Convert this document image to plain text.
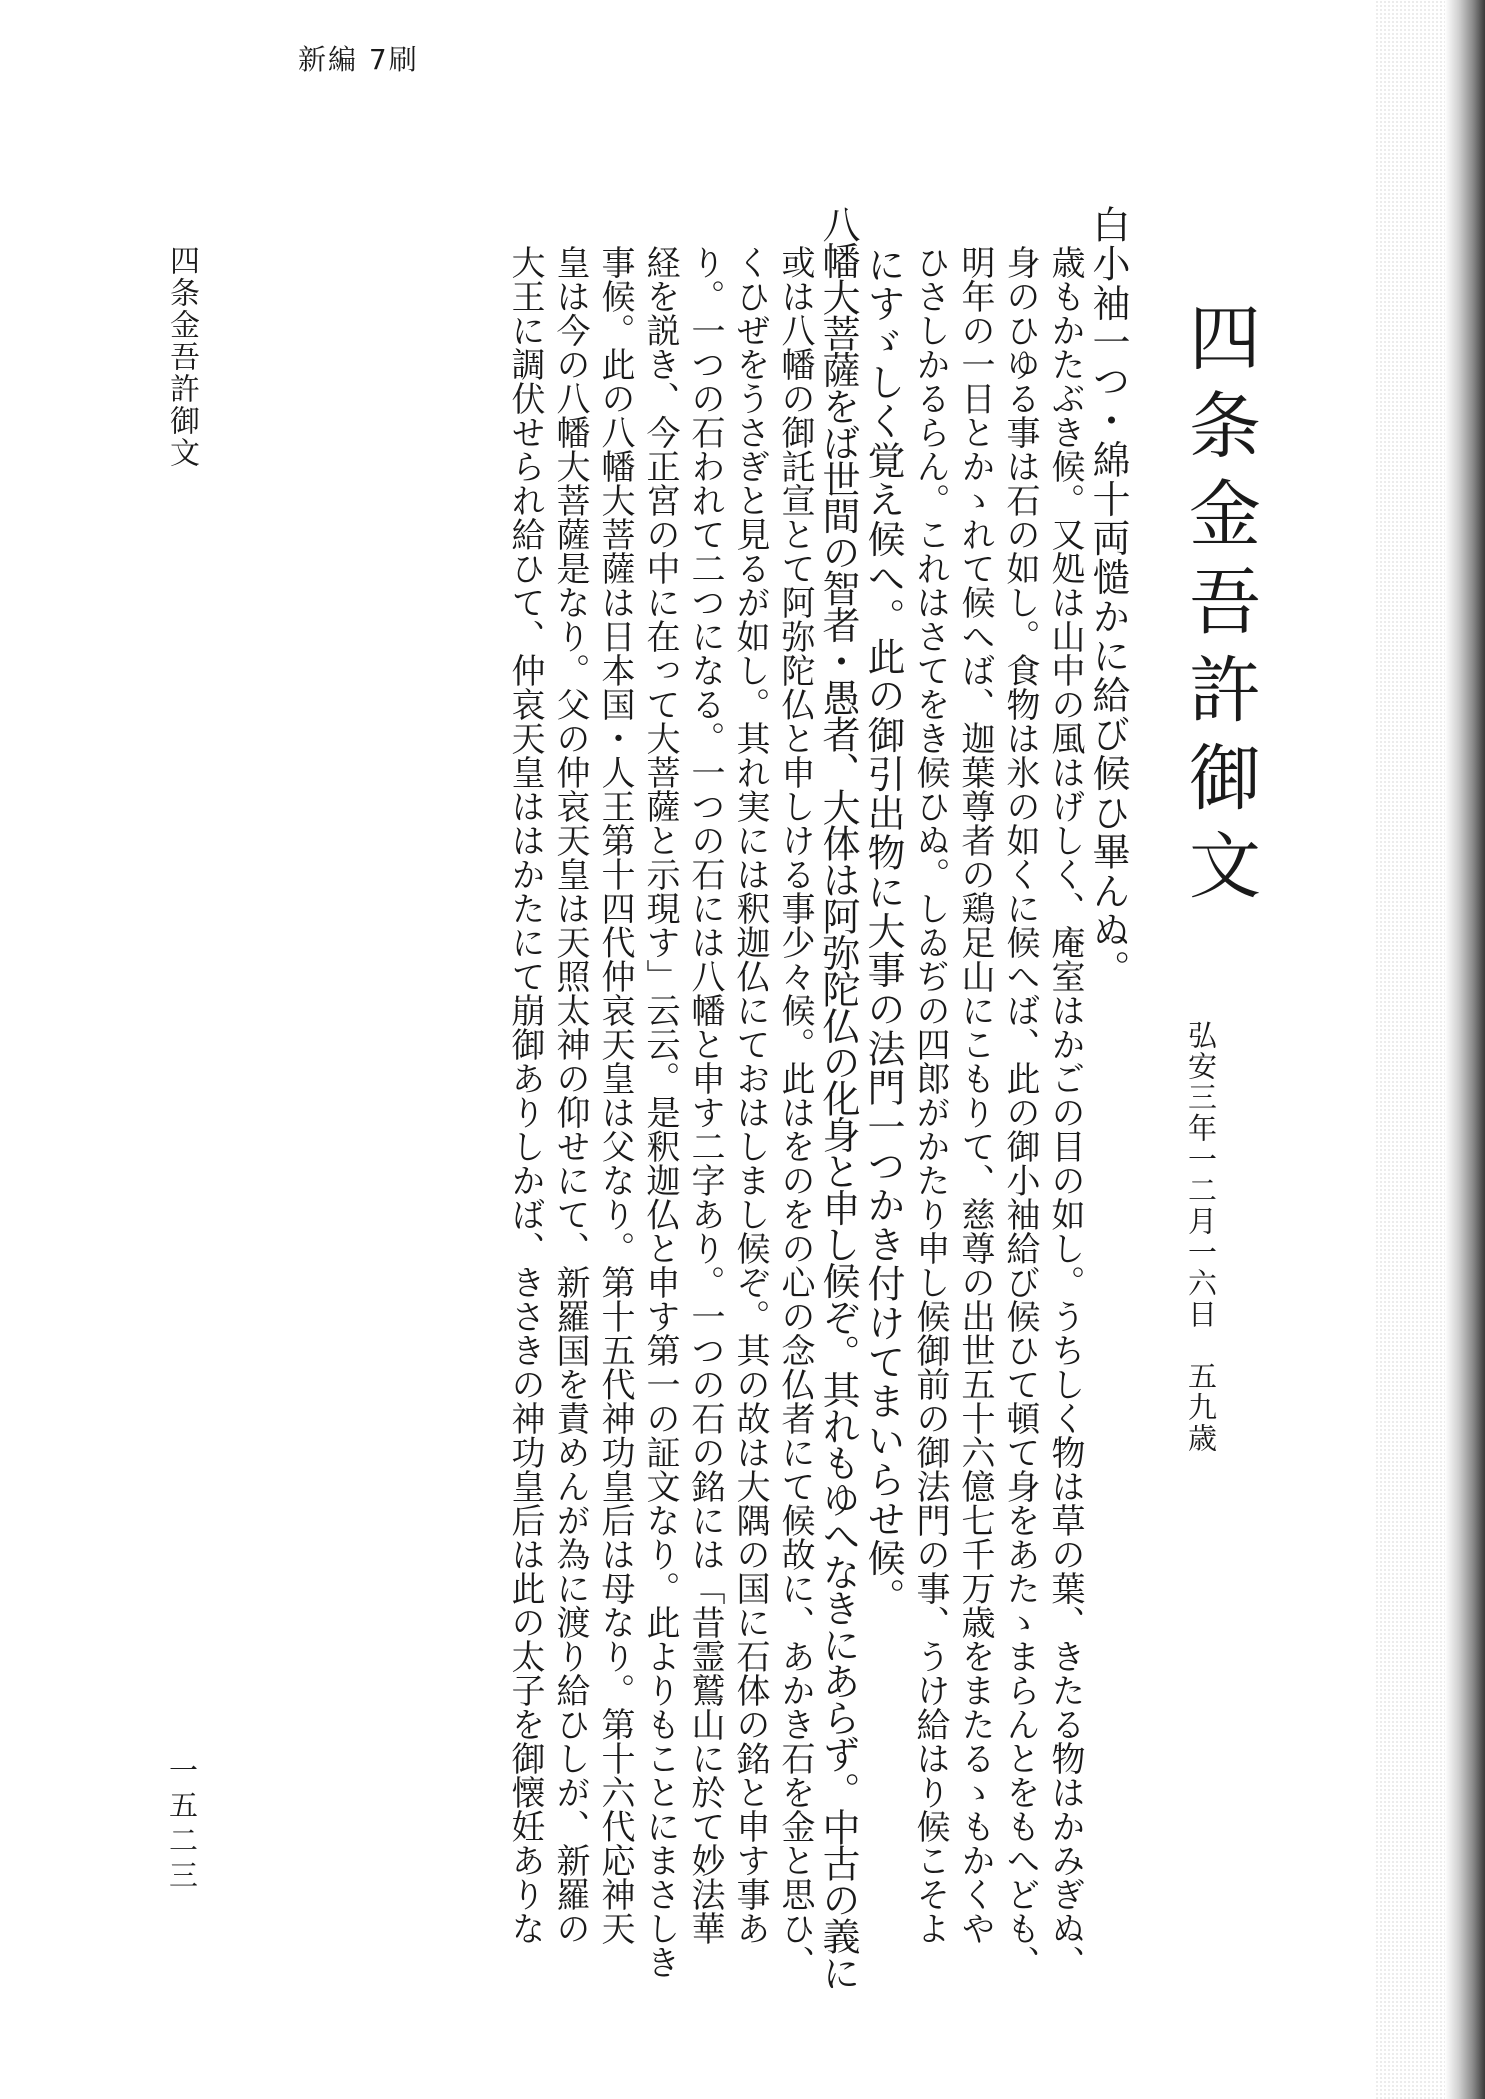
新編 7刷
四条金吾許御文
弘安三年一二月一六日　五九歳
白小袖一つ・綿十両慥かに給び候ひ畢んぬ。
歳もかたぶき候。又処は山中の風はげしく、庵室はかごの目の如し。うちしく物は草の葉、きたる物はかみぎぬ、
身のひゆる事は石の如し。食物は氷の如くに候へば、此の御小袖給び候ひて頓て身をあたゝまらんとをもへども、
明年の一日とかゝれて候へば、迦葉尊者の鶏足山にこもりて、慈尊の出世五十六億七千万歳をまたるゝもかくや
ひさしかるらん。これはさてをき候ひぬ。しゐぢの四郎がかたり申し候御前の御法門の事、うけ給はり候こそよ
にすゞしく覚え候へ。此の御引出物に大事の法門一つかき付けてまいらせ候。
八幡大菩薩をば世間の智者・愚者、大体は阿弥陀仏の化身と申し候ぞ。其れもゆへなきにあらず。中古の義に
或は八幡の御託宣とて阿弥陀仏と申しける事少々候。此はをのをの心の念仏者にて候故に、あかき石を金と思ひ、
くひぜをうさぎと見るが如し。其れ実には釈迦仏にておはしまし候ぞ。其の故は大隅の国に石体の銘と申す事あ
り。一つの石われて二つになる。一つの石には八幡と申す二字あり。一つの石の銘には「昔霊鷲山に於て妙法華
経を説き、今正宮の中に在って大菩薩と示現す」云云。是釈迦仏と申す第一の証文なり。此よりもことにまさしき
事候。此の八幡大菩薩は日本国・人王第十四代仲哀天皇は父なり。第十五代神功皇后は母なり。第十六代応神天
皇は今の八幡大菩薩是なり。父の仲哀天皇は天照太神の仰せにて、新羅国を責めんが為に渡り給ひしが、新羅の
大王に調伏せられ給ひて、仲哀天皇ははかたにて崩御ありしかば、きさきの神功皇后は此の太子を御懐妊ありな
四条金吾許御文
一五二三
